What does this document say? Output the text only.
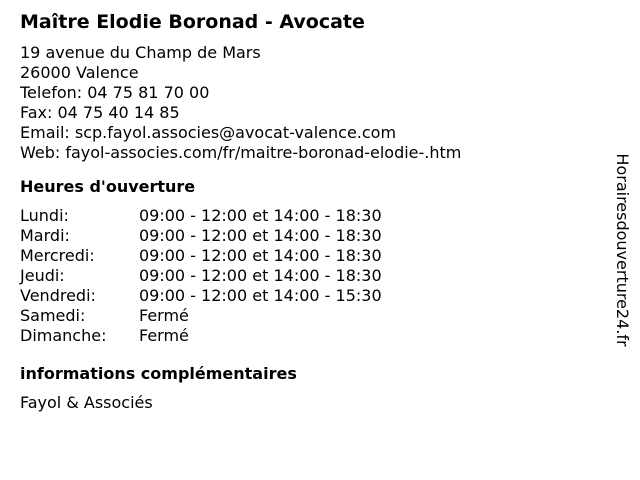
Maître Elodie Boronad - Avocate
19 avenue du Champ de Mars
26000 Valence
Telefon: 04 75 81 70 00
Fax: 04 75 40 14 85
Email: scp.fayol.associes@avocat-valence.com
Web: fayol-associes.com/fr/maitre-boronad-elodie-.htm
Heures d'ouverture
Lundi:	09:00 - 12:00 et 14:00 - 18:30
Mardi:	09:00 - 12:00 et 14:00 - 18:30
Mercredi:	09:00 - 12:00 et 14:00 - 18:30
Jeudi:	09:00 - 12:00 et 14:00 - 18:30
Vendredi:	09:00 - 12:00 et 14:00 - 15:30
Samedi:	Fermé
Dimanche:	Fermé
informations complémentaires
Fayol & Associés
Horairesdouverture24.fr
